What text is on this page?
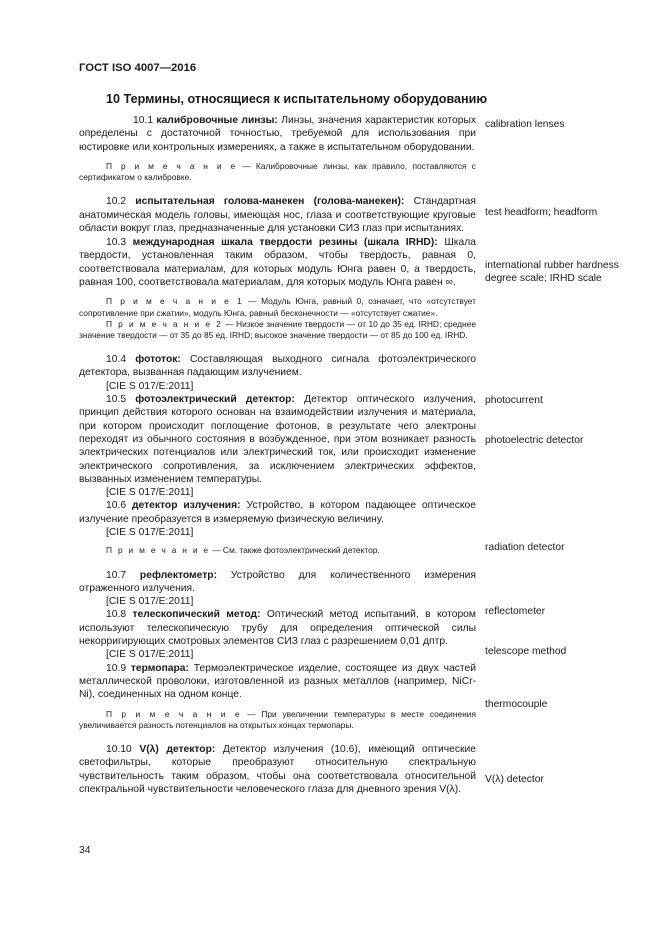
ГОСТ ISO 4007—2016
10 Термины, относящиеся к испытательному оборудованию

10.1 калибровочные линзы: Линзы, значения характеристик которых определены с достаточной точностью, требуемой для использования при юстировке или контрольных измерениях, а также в испытательном оборудовании.

П р и м е ч а н и е — Калибровочные линзы, как правило, поставляются с сертификатом о калибровке.

10.2 испытательная голова-манекен (голова-манекен): Стандартная анатомическая модель головы, имеющая нос, глаза и соответствующие круговые области вокруг глаз, предназначенные для установки СИЗ глаз при испытаниях.

10.3 международная шкала твердости резины (шкала IRHD): Шкала твердости, установленная таким образом, чтобы твердость, равная 0, соответствовала материалам, для которых модуль Юнга равен 0, а твердость, равная 100, соответствовала материалам, для которых модуль Юнга равен ∞.

П р и м е ч а н и е 1 — Модуль Юнга, равный 0, означает, что «отсутствует сопротивление при сжатии», модуль Юнга, равный бесконечности — «отсутствует сжатие».

П р и м е ч а н и е 2 — Низкое значение твердости — от 10 до 35 ед. IRHD; среднее значение твердости — от 35 до 85 ед. IRHD; высокое значение твердости — от 85 до 100 ед. IRHD.

10.4 фототок: Составляющая выходного сигнала фотоэлектрического детектора, вызванная падающим излучением.

[CIE S 017/E:2011]

10.5 фотоэлектрический детектор: Детектор оптического излучения, принцип действия которого основан на взаимодействии излучения и материала, при котором происходит поглощение фотонов, в результате чего электроны переходят из обычного состояния в возбужденное, при этом возникает разность электрических потенциалов или электрический ток, или происходит изменение электрического сопротивления, за исключением электрических эффектов, вызванных изменением температуры.

[CIE S 017/E:2011]

10.6 детектор излучения: Устройство, в котором падающее оптическое излучение преобразуется в измеряемую физическую величину.

[CIE S 017/E:2011]

П р и м е ч а н и е — См. также фотоэлектрический детектор.

10.7 рефлектометр: Устройство для количественного измерения отраженного излучения.

[CIE S 017/E:2011]

10.8 телескопический метод: Оптический метод испытаний, в котором используют телескопическую трубу для определения оптической силы некорригирующих смотровых элементов СИЗ глаз с разрешением 0,01 дптр.

[CIE S 017/E:2011]

10.9 термопара: Термоэлектрическое изделие, состоящее из двух частей металлической проволоки, изготовленной из разных металлов (например, NiCr-Ni), соединенных на одном конце.

П р и м е ч а н и е — При увеличении температуры в месте соединения увеличивается разность потенциалов на открытых концах термопары.

10.10 V(λ) детектор: Детектор излучения (10.6), имеющий оптические светофильтры, которые преобразуют относительную спектральную чувствительность таким образом, чтобы она соответствовала относительной спектральной чувствительности человеческого глаза для дневного зрения V(λ).

calibration lenses
test headform; headform
international rubber hardness degree scale; IRHD scale
photocurrent
photoelectric detector
radiation detector
reflectometer
telescope method
thermocouple
V(λ) detector
34
